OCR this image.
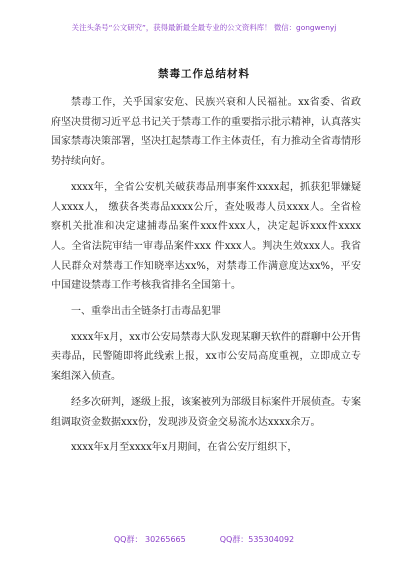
关注头条号“公文研究”，获得最新最全最专业的公文资料库！ 微信：gongwenyj
禁毒工作总结材料

禁毒工作，关乎国家安危、民族兴衰和人民福祉。xx省委、省政府坚决贯彻习近平总书记关于禁毒工作的重要指示批示精神，认真落实国家禁毒决策部署，坚决扛起禁毒工作主体责任，有力推动全省毒情形势持续向好。

xxxx年，全省公安机关破获毒品刑事案件xxxx起，抓获犯罪嫌疑人xxxx人， 缴获各类毒品xxxx公斤，查处吸毒人员xxxx人。全省检察机关批准和决定逮捕毒品案件xxx件xxx人，决定起诉xxx件xxxx人。全省法院审结一审毒品案件xxx 件xxx人。判决生效xxx人。我省人民群众对禁毒工作知晓率达xx%，对禁毒工作满意度达xx%，平安中国建设禁毒工作考核我省排名全国第十。

一、重拳出击全链条打击毒品犯罪

xxxx年x月，xx市公安局禁毒大队发现某聊天软件的群聊中公开售卖毒品，民警随即将此线索上报，xx市公安局高度重视，立即成立专案组深入侦查。

经多次研判，逐级上报，该案被列为部级目标案件开展侦查。专案组调取资金数据xxx份，发现涉及资金交易流水达xxxx余万。

xxxx年x月至xxxx年x月期间，在省公安厅组织下，

QQ群： 30265665	QQ群：535304092
